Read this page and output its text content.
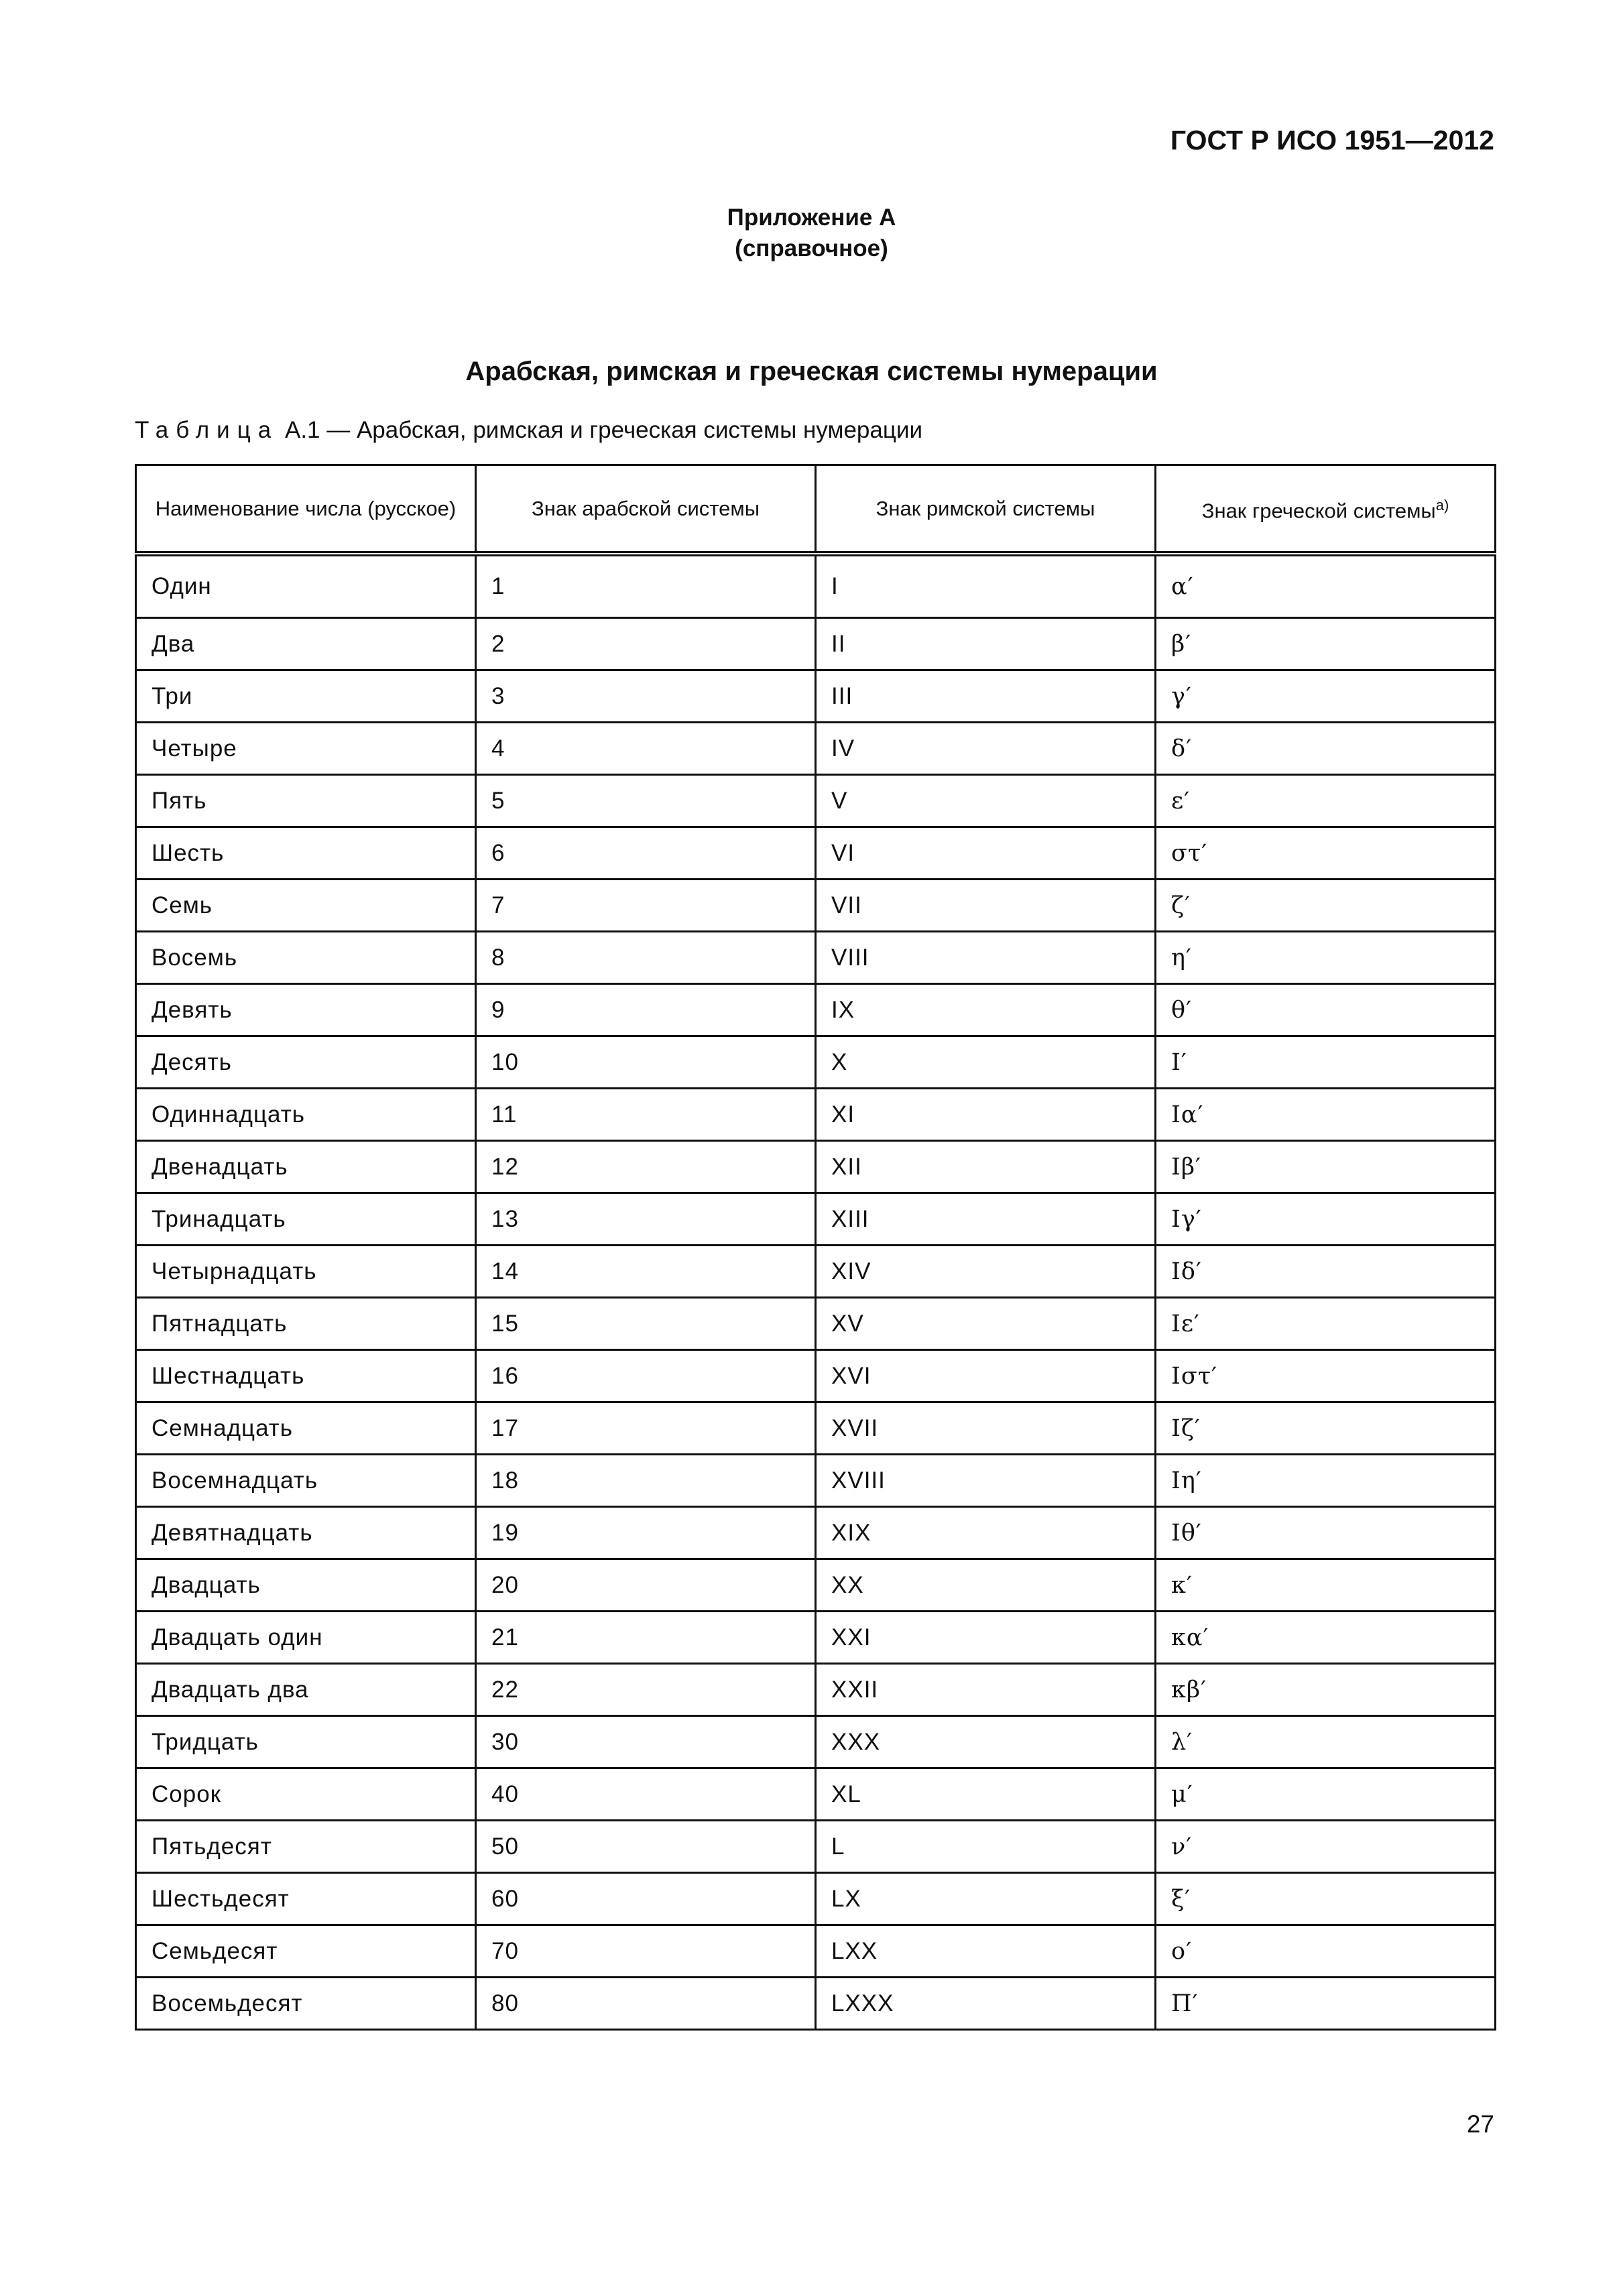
ГОСТ Р ИСО 1951—2012
Приложение А
(справочное)
Арабская, римская и греческая системы нумерации
Таблица А.1 — Арабская, римская и греческая системы нумерации
Наименование числа (русское)	Знак арабской системы	Знак римской системы	Знак греческой системы$^{а)}$
Один	1	I	α′
Два	2	II	β′
Три	3	III	γ′
Четыре	4	IV	δ′
Пять	5	V	ε′
Шесть	6	VI	στ′
Семь	7	VII	ζ′
Восемь	8	VIII	η′
Девять	9	IX	θ′
Десять	10	X	I′
Одиннадцать	11	XI	Iα′
Двенадцать	12	XII	Iβ′
Тринадцать	13	XIII	Iγ′
Четырнадцать	14	XIV	Iδ′
Пятнадцать	15	XV	Iε′
Шестнадцать	16	XVI	Iστ′
Семнадцать	17	XVII	Iζ′
Восемнадцать	18	XVIII	Iη′
Девятнадцать	19	XIX	Iθ′
Двадцать	20	XX	κ′
Двадцать один	21	XXI	κα′
Двадцать два	22	XXII	κβ′
Тридцать	30	XXX	λ′
Сорок	40	XL	μ′
Пятьдесят	50	L	ν′
Шестьдесят	60	LX	ξ′
Семьдесят	70	LXX	ο′
Восемьдесят	80	LXXX	Π′
27
